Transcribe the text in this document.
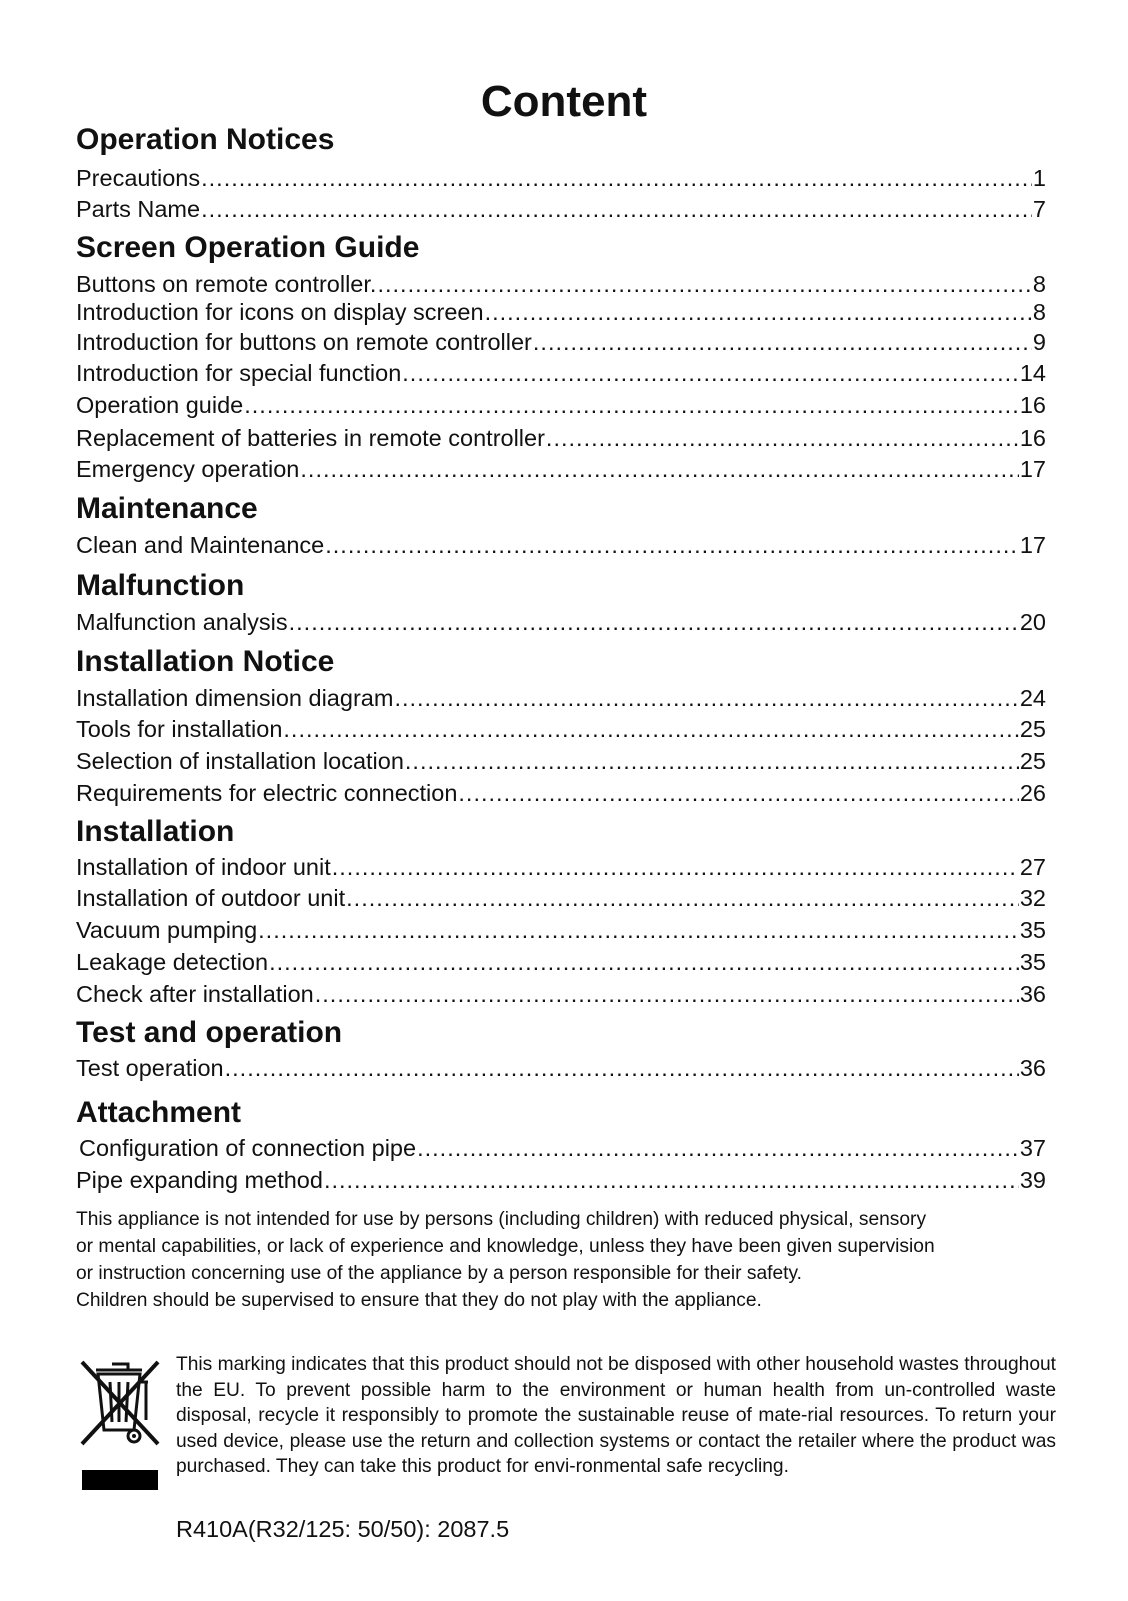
Content
Operation Notices
Precautions .....	1
Parts Name .....	7
Screen Operation Guide
Buttons on remote controller. .....	8
Introduction for icons on display screen .....	8
Introduction for buttons on remote controller .....	9
Introduction for special function .....	14
Operation guide .....	16
Replacement of batteries in remote controller .....	16
Emergency operation .....	17
Maintenance
Clean and Maintenance .....	17
Malfunction
Malfunction analysis .....	20
Installation Notice
Installation dimension diagram .....	24
Tools for installation .....	25
Selection of installation location .....	25
Requirements for electric connection .....	26
Installation
Installation of indoor unit .....	27
Installation of outdoor unit .....	32
Vacuum pumping .....	35
Leakage detection .....	35
Check after installation .....	36
Test and operation
Test operation .....	36
Attachment
Configuration of connection pipe .....	37
Pipe expanding method .....	39

This appliance is not intended for use by persons (including children) with reduced physical, sensory

or mental capabilities, or lack of experience and knowledge, unless they have been given supervision

or instruction concerning use of the appliance by a person responsible for their safety.

Children should be supervised to ensure that they do not play with the appliance.

This marking indicates that this product should not be disposed with other household wastes throughout the EU. To prevent possible harm to the environment or human health from un-controlled waste disposal, recycle it responsibly to promote the sustainable reuse of mate-rial resources. To return your used device, please use the return and collection systems or contact the retailer where the product was purchased. They can take this product for envi-ronmental safe recycling.
R410A(R32/125: 50/50): 2087.5
